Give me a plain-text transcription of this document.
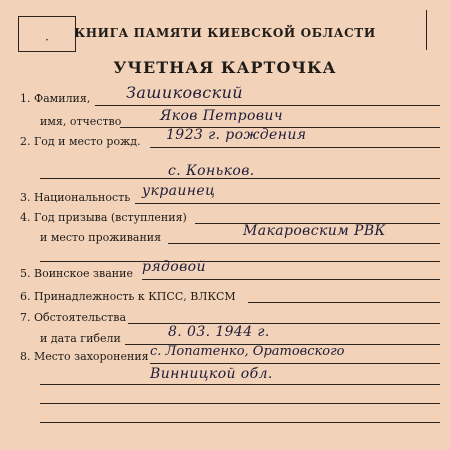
·	КНИГА ПАМЯТИ КИЕВСКОЙ ОБЛАСТИ
УЧЕТНАЯ КАРТОЧКА
1. Фамилия, Зашиковский
имя, отчество	Яков Петрович
2. Год и место рожд. 1923 г. рождения
с. Коньков.
3. Национальность украинец
4. Год призыва (вступления)
и место проживания	Макаровским РВК
5. Воинское звание рядовой
6. Принадлежность к КПСС, ВЛКСМ
7. Обстоятельства
и дата гибели	8. 03. 1944 г.
8. Место захоронения с. Лопатенко, Оратовского
Винницкой обл.
